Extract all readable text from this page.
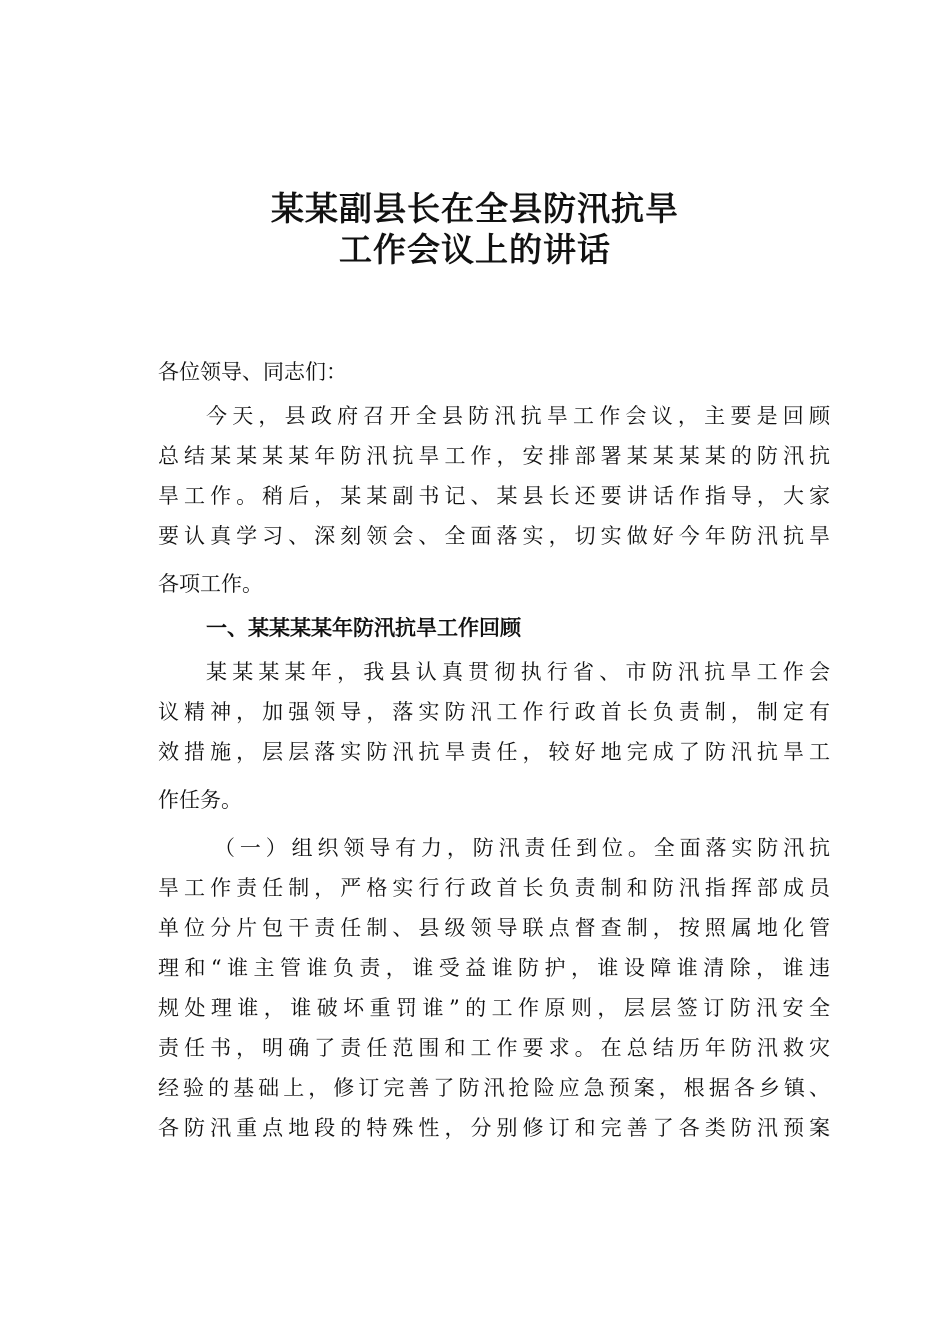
某某副县长在全县防汛抗旱
工作会议上的讲话
各位领导、同志们：
今天，县政府召开全县防汛抗旱工作会议，主要是回顾
总结某某某某年防汛抗旱工作，安排部署某某某某的防汛抗
旱工作。稍后，某某副书记、某县长还要讲话作指导，大家
要认真学习、深刻领会、全面落实，切实做好今年防汛抗旱
各项工作。
一、某某某某年防汛抗旱工作回顾
某某某某年，我县认真贯彻执行省、市防汛抗旱工作会
议精神，加强领导，落实防汛工作行政首长负责制，制定有
效措施，层层落实防汛抗旱责任，较好地完成了防汛抗旱工
作任务。
（一）组织领导有力，防汛责任到位。全面落实防汛抗
旱工作责任制，严格实行行政首长负责制和防汛指挥部成员
单位分片包干责任制、县级领导联点督查制，按照属地化管
理和“谁主管谁负责，谁受益谁防护，谁设障谁清除，谁违
规处理谁，谁破坏重罚谁”的工作原则，层层签订防汛安全
责任书，明确了责任范围和工作要求。在总结历年防汛救灾
经验的基础上，修订完善了防汛抢险应急预案，根据各乡镇、
各防汛重点地段的特殊性，分别修订和完善了各类防汛预案
